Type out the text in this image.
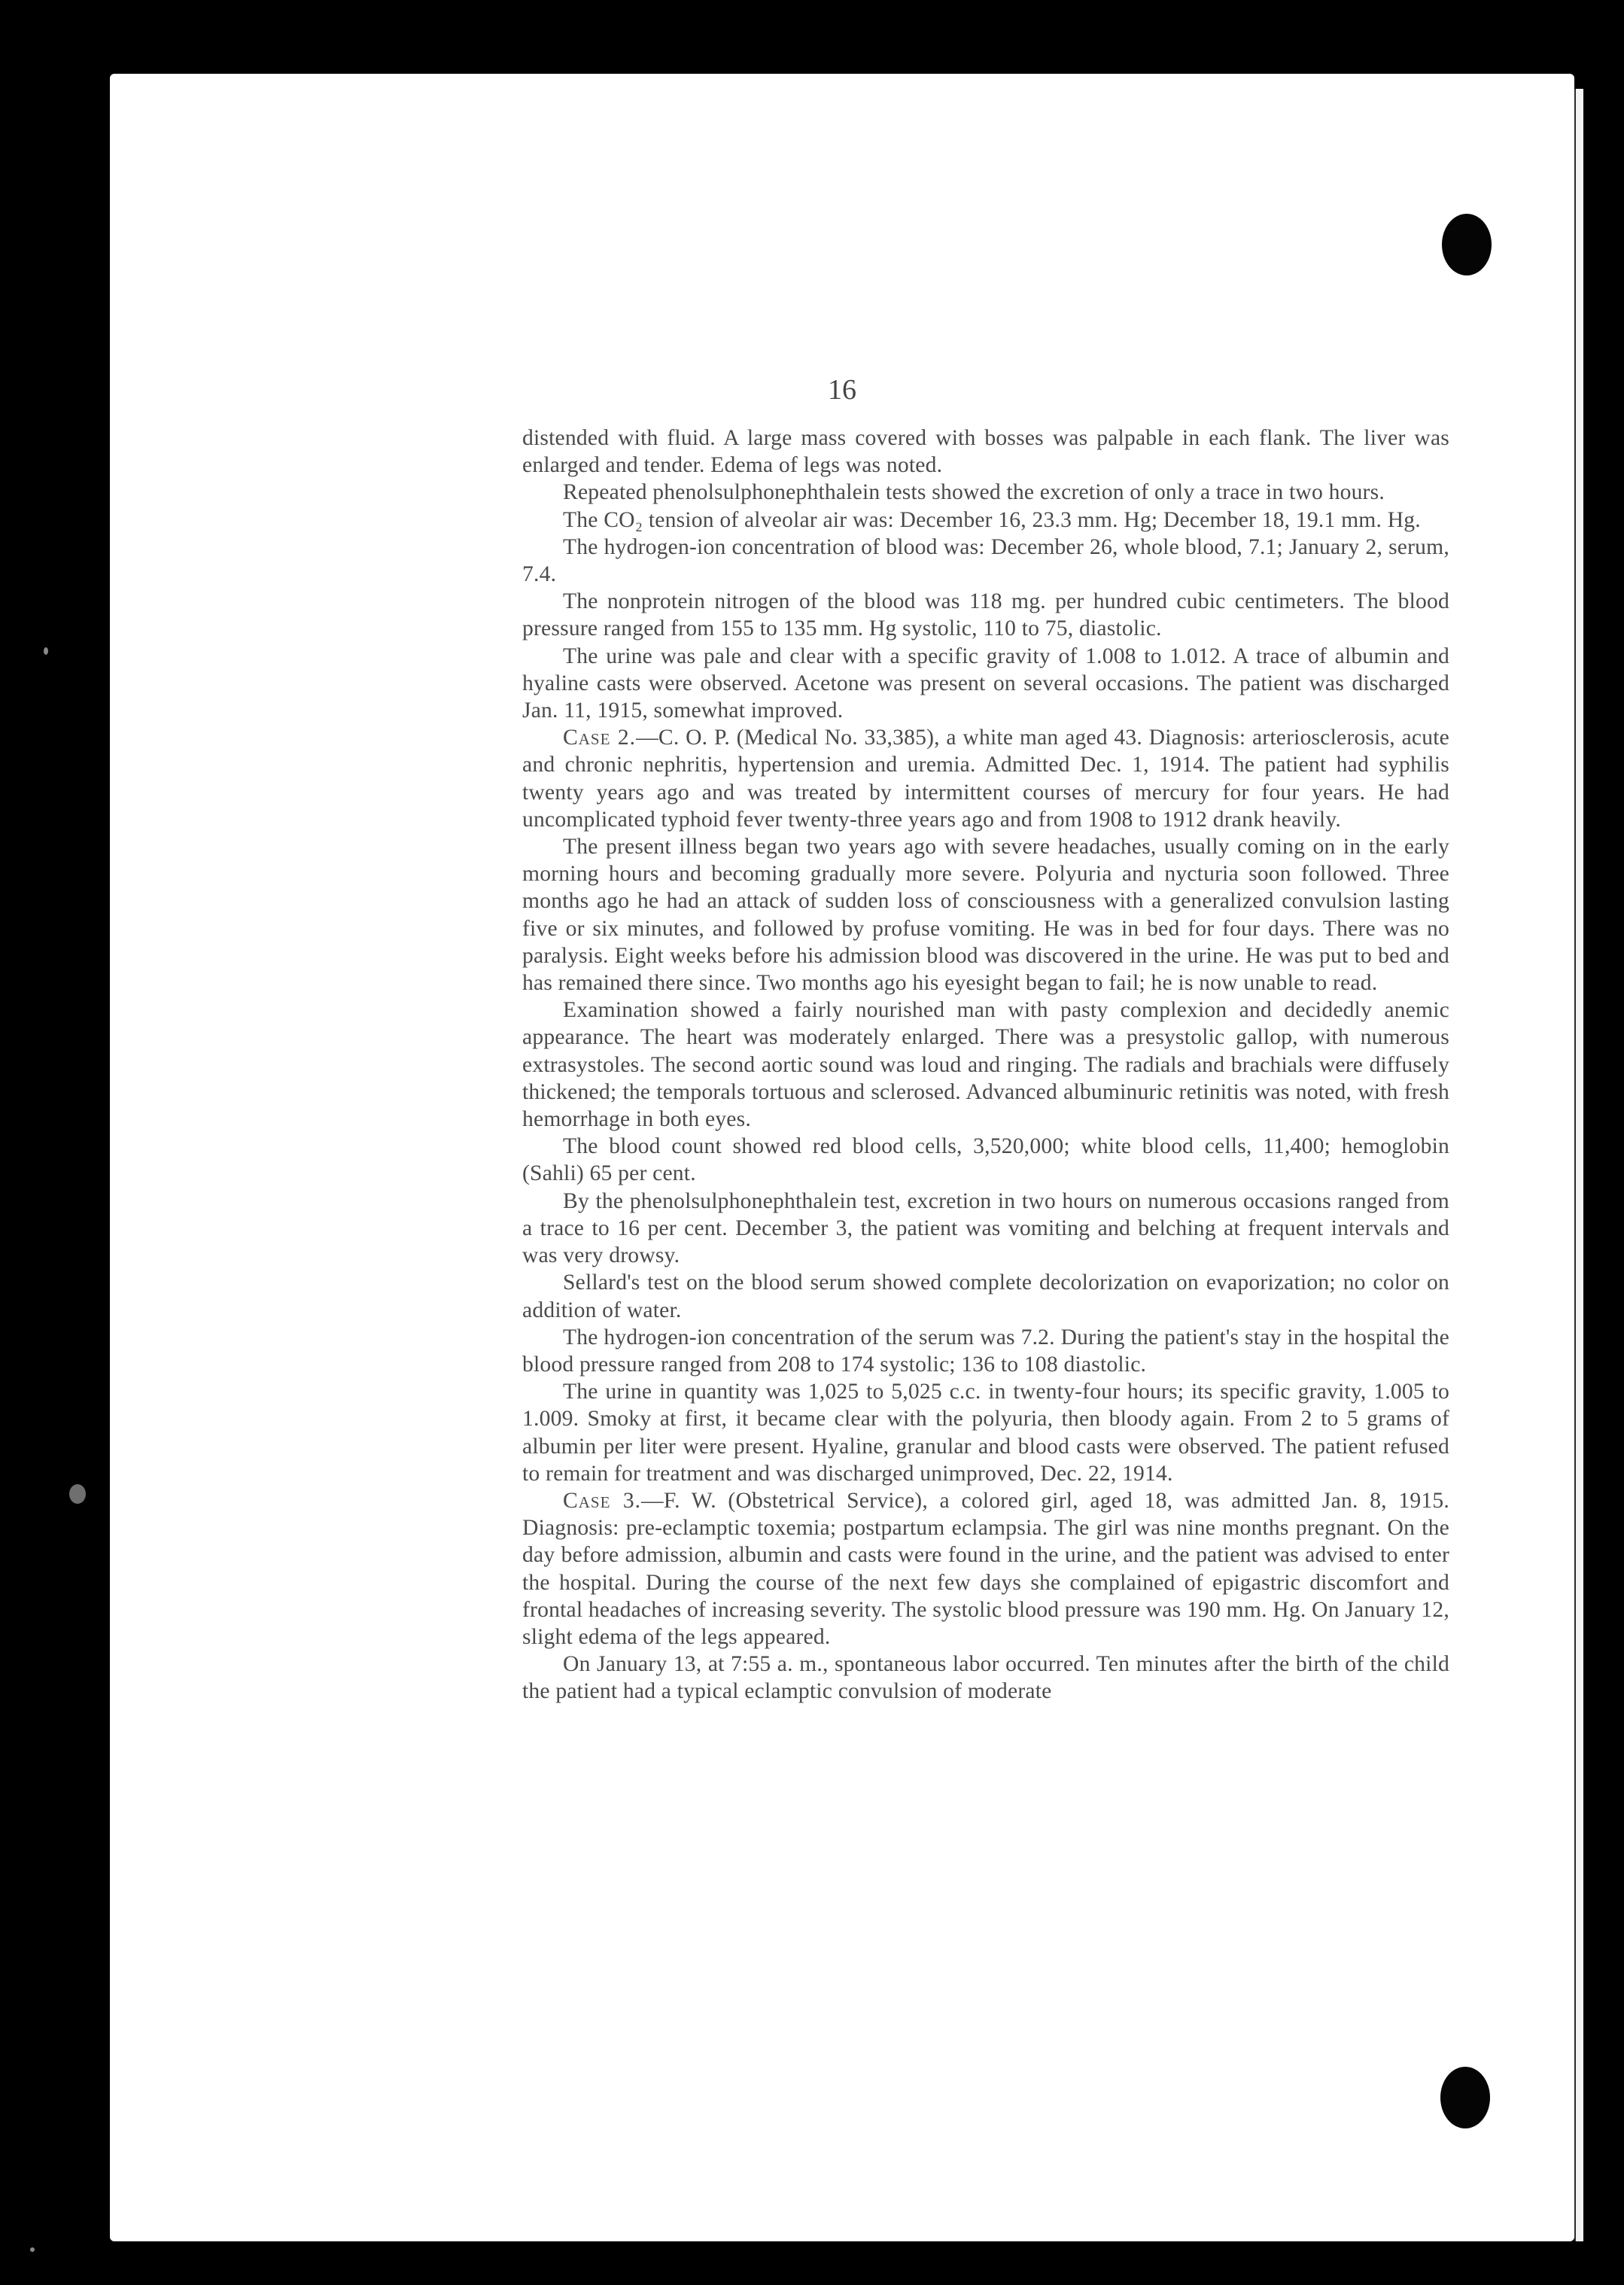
16

distended with fluid. A large mass covered with bosses was palpable in each flank. The liver was enlarged and tender. Edema of legs was noted.

Repeated phenolsulphonephthalein tests showed the excretion of only a trace in two hours.

The CO₂ tension of alveolar air was: December 16, 23.3 mm. Hg; December 18, 19.1 mm. Hg.

The hydrogen-ion concentration of blood was: December 26, whole blood, 7.1; January 2, serum, 7.4.

The nonprotein nitrogen of the blood was 118 mg. per hundred cubic centimeters. The blood pressure ranged from 155 to 135 mm. Hg systolic, 110 to 75, diastolic.

The urine was pale and clear with a specific gravity of 1.008 to 1.012. A trace of albumin and hyaline casts were observed. Acetone was present on several occasions. The patient was discharged Jan. 11, 1915, somewhat improved.

Case 2.—C. O. P. (Medical No. 33,385), a white man aged 43. Diagnosis: arteriosclerosis, acute and chronic nephritis, hypertension and uremia. Admitted Dec. 1, 1914. The patient had syphilis twenty years ago and was treated by intermittent courses of mercury for four years. He had uncomplicated typhoid fever twenty-three years ago and from 1908 to 1912 drank heavily.

The present illness began two years ago with severe headaches, usually coming on in the early morning hours and becoming gradually more severe. Polyuria and nycturia soon followed. Three months ago he had an attack of sudden loss of consciousness with a generalized convulsion lasting five or six minutes, and followed by profuse vomiting. He was in bed for four days. There was no paralysis. Eight weeks before his admission blood was discovered in the urine. He was put to bed and has remained there since. Two months ago his eyesight began to fail; he is now unable to read.

Examination showed a fairly nourished man with pasty complexion and decidedly anemic appearance. The heart was moderately enlarged. There was a presystolic gallop, with numerous extrasystoles. The second aortic sound was loud and ringing. The radials and brachials were diffusely thickened; the temporals tortuous and sclerosed. Advanced albuminuric retinitis was noted, with fresh hemorrhage in both eyes.

The blood count showed red blood cells, 3,520,000; white blood cells, 11,400; hemoglobin (Sahli) 65 per cent.

By the phenolsulphonephthalein test, excretion in two hours on numerous occasions ranged from a trace to 16 per cent. December 3, the patient was vomiting and belching at frequent intervals and was very drowsy.

Sellard's test on the blood serum showed complete decolorization on evaporization; no color on addition of water.

The hydrogen-ion concentration of the serum was 7.2. During the patient's stay in the hospital the blood pressure ranged from 208 to 174 systolic; 136 to 108 diastolic.

The urine in quantity was 1,025 to 5,025 c.c. in twenty-four hours; its specific gravity, 1.005 to 1.009. Smoky at first, it became clear with the polyuria, then bloody again. From 2 to 5 grams of albumin per liter were present. Hyaline, granular and blood casts were observed. The patient refused to remain for treatment and was discharged unimproved, Dec. 22, 1914.

Case 3.—F. W. (Obstetrical Service), a colored girl, aged 18, was admitted Jan. 8, 1915. Diagnosis: pre-eclamptic toxemia; postpartum eclampsia. The girl was nine months pregnant. On the day before admission, albumin and casts were found in the urine, and the patient was advised to enter the hospital. During the course of the next few days she complained of epigastric discomfort and frontal headaches of increasing severity. The systolic blood pressure was 190 mm. Hg. On January 12, slight edema of the legs appeared.

On January 13, at 7:55 a. m., spontaneous labor occurred. Ten minutes after the birth of the child the patient had a typical eclamptic convulsion of moderate
